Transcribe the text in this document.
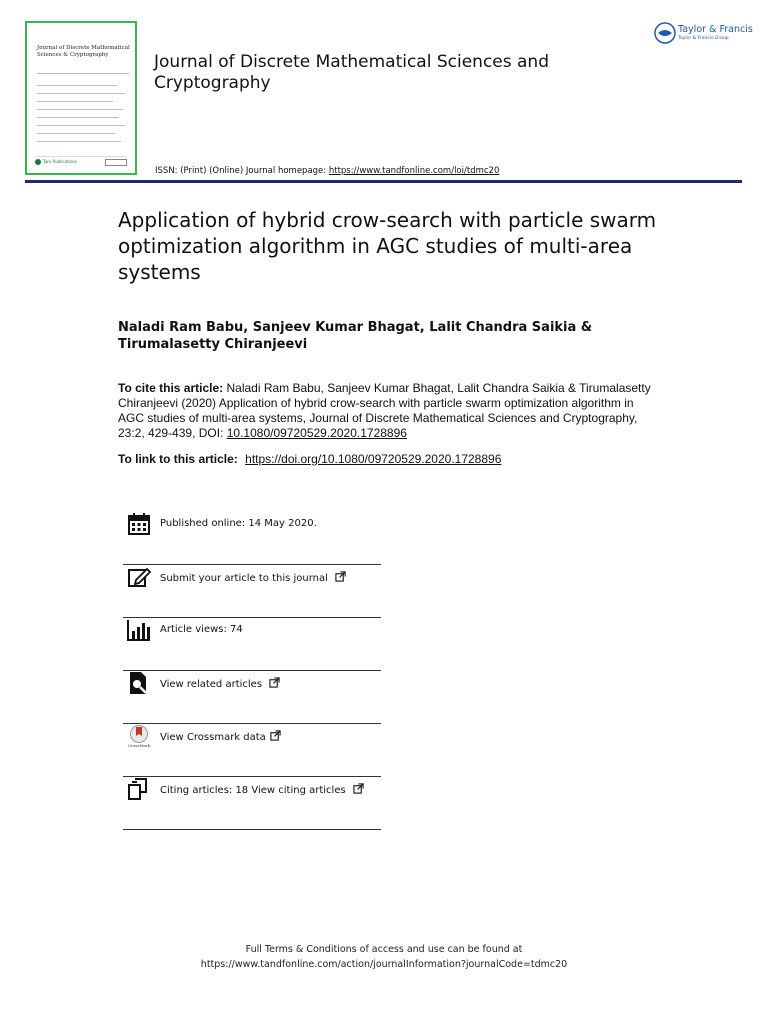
Journal of Discrete Mathematical Sciences & Cryptography
Taru Publications
Journal of Discrete Mathematical Sciences and Cryptography
ISSN: (Print) (Online) Journal homepage: https://www.tandfonline.com/loi/tdmc20
Taylor & Francis
Taylor & Francis Group
Application of hybrid crow-search with particle swarm optimization algorithm in AGC studies of multi-area systems
Naladi Ram Babu, Sanjeev Kumar Bhagat, Lalit Chandra Saikia & Tirumalasetty Chiranjeevi
To cite this article: Naladi Ram Babu, Sanjeev Kumar Bhagat, Lalit Chandra Saikia & Tirumalasetty Chiranjeevi (2020) Application of hybrid crow-search with particle swarm optimization algorithm in AGC studies of multi-area systems, Journal of Discrete Mathematical Sciences and Cryptography, 23:2, 429-439, DOI: 10.1080/09720529.2020.1728896
To link to this article: https://doi.org/10.1080/09720529.2020.1728896
Published online: 14 May 2020.
Submit your article to this journal
Article views: 74
View related articles
CrossMark
View Crossmark data
Citing articles: 18 View citing articles
Full Terms & Conditions of access and use can be found at
https://www.tandfonline.com/action/journalInformation?journalCode=tdmc20
